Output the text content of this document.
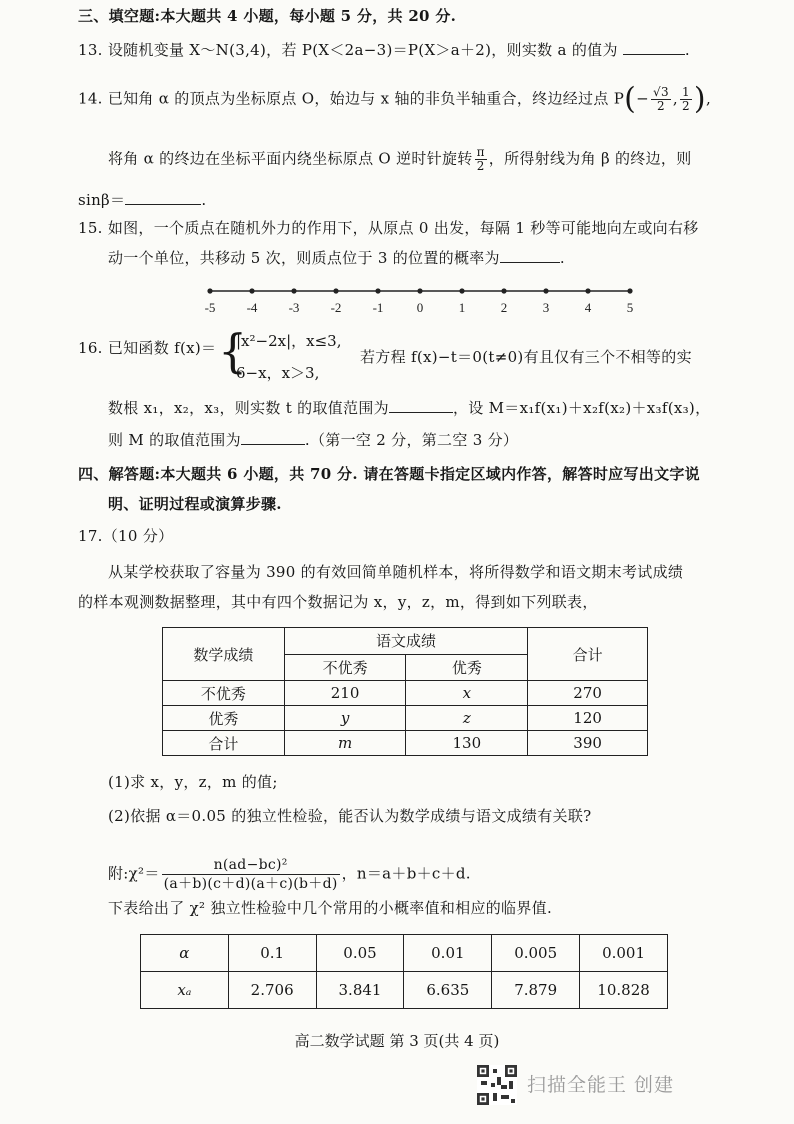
三、填空题:本大题共 4 小题，每小题 5 分，共 20 分.
13. 设随机变量 X～N(3,4)，若 P(X＜2a−3)＝P(X＞a＋2)，则实数 a 的值为	.
14. 已知角 α 的顶点为坐标原点 O，始边与 x 轴的非负半轴重合，终边经过点 $P(- \frac{√3}{2}$ , $\frac{1}{2}$ ),
将角 α 的终边在坐标平面内绕坐标原点 O 逆时针旋转 $\frac{\pi}{2}$ ，所得射线为角 β 的终边，则
sinβ＝	.
15. 如图，一个质点在随机外力的作用下，从原点 0 出发，每隔 1 秒等可能地向左或向右移
动一个单位，共移动 5 次，则质点位于 3 的位置的概率为	.
-5 -4 -3 -2 -1	0	1	2	3	4	5
16. 已知函数 f(x)＝ {
|x²−2x|，x≤3,
6−x，x＞3,
若方程 f(x)−t＝0(t≠0)有且仅有三个不相等的实
数根 x₁，x₂，x₃，则实数 t 的取值范围为	，设 M＝x₁f(x₁)＋x₂f(x₂)＋x₃f(x₃)，
则 M 的取值范围为	.（第一空 2 分，第二空 3 分）
四、解答题:本大题共 6 小题，共 70 分. 请在答题卡指定区域内作答，解答时应写出文字说
明、证明过程或演算步骤.
17.（10 分）
从某学校获取了容量为 390 的有效回简单随机样本，将所得数学和语文期末考试成绩
的样本观测数据整理，其中有四个数据记为 x，y，z，m，得到如下列联表，
数学成绩	语文成绩		合计
	不优秀	优秀	
不优秀	210	x	270
优秀	y	z	120
合计	m	130	390
(1)求 x，y，z，m 的值;
(2)依据 α＝0.05 的独立性检验，能否认为数学成绩与语文成绩有关联?
附:χ²＝ $\frac{\text{n(ad−bc)²}}{(a+b)(c+d)(a+c)(b+d)}$ ，n＝a＋b＋c＋d.
下表给出了 χ² 独立性检验中几个常用的小概率值和相应的临界值.
α	0.1	0.05	0.01	0.005	0.001
xₐ	2.706	3.841	6.635	7.879	10.828
高二数学试题 第 3 页(共 4 页)
扫描全能王 创建
